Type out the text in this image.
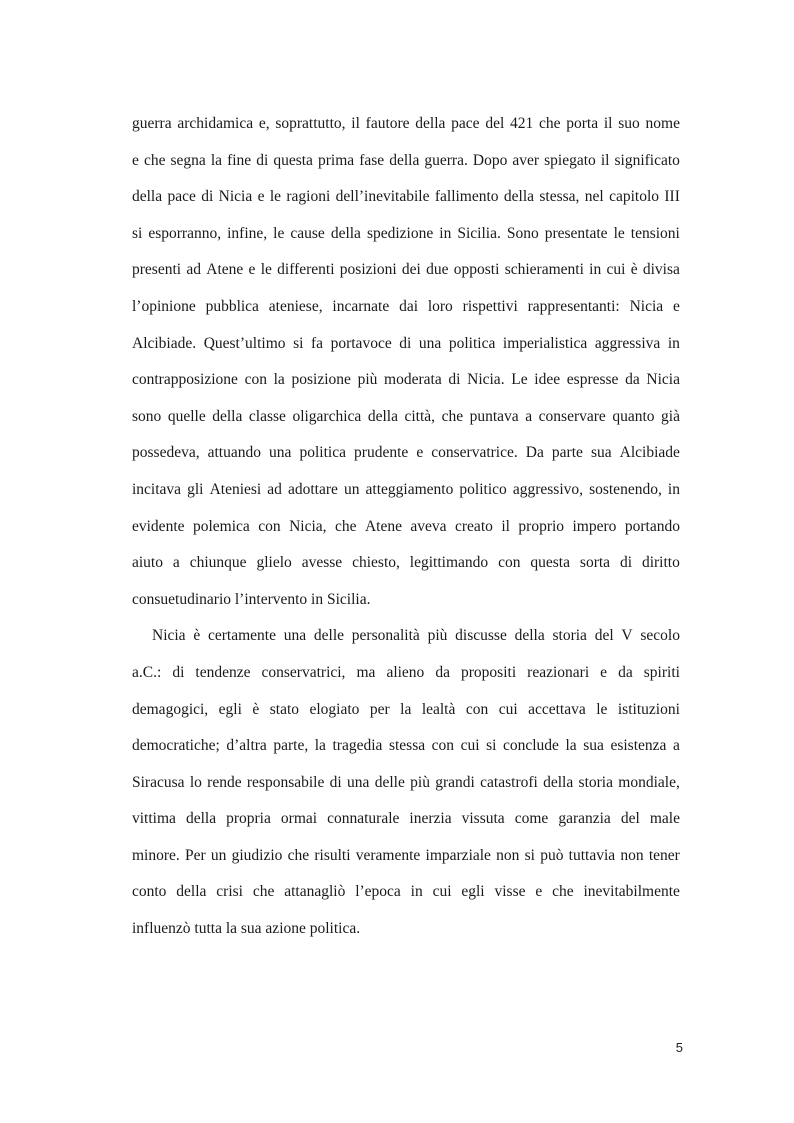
guerra archidamica e, soprattutto, il fautore della pace del 421 che porta il suo nome
e che segna la fine di questa prima fase della guerra. Dopo aver spiegato il significato
della pace di Nicia e le ragioni dell’inevitabile fallimento della stessa, nel capitolo III
si esporranno, infine, le cause della spedizione in Sicilia. Sono presentate le tensioni
presenti ad Atene e le differenti posizioni dei due opposti schieramenti in cui è divisa
l’opinione pubblica ateniese, incarnate dai loro rispettivi rappresentanti: Nicia e
Alcibiade. Quest’ultimo si fa portavoce di una politica imperialistica aggressiva in
contrapposizione con la posizione più moderata di Nicia. Le idee espresse da Nicia
sono quelle della classe oligarchica della città, che puntava a conservare quanto già
possedeva, attuando una politica prudente e conservatrice. Da parte sua Alcibiade
incitava gli Ateniesi ad adottare un atteggiamento politico aggressivo, sostenendo, in
evidente polemica con Nicia, che Atene aveva creato il proprio impero portando
aiuto a chiunque glielo avesse chiesto, legittimando con questa sorta di diritto
consuetudinario l’intervento in Sicilia.
Nicia è certamente una delle personalità più discusse della storia del V secolo
a.C.: di tendenze conservatrici, ma alieno da propositi reazionari e da spiriti
demagogici, egli è stato elogiato per la lealtà con cui accettava le istituzioni
democratiche; d’altra parte, la tragedia stessa con cui si conclude la sua esistenza a
Siracusa lo rende responsabile di una delle più grandi catastrofi della storia mondiale,
vittima della propria ormai connaturale inerzia vissuta come garanzia del male
minore. Per un giudizio che risulti veramente imparziale non si può tuttavia non tener
conto della crisi che attanagliò l’epoca in cui egli visse e che inevitabilmente
influenzò tutta la sua azione politica.
5
